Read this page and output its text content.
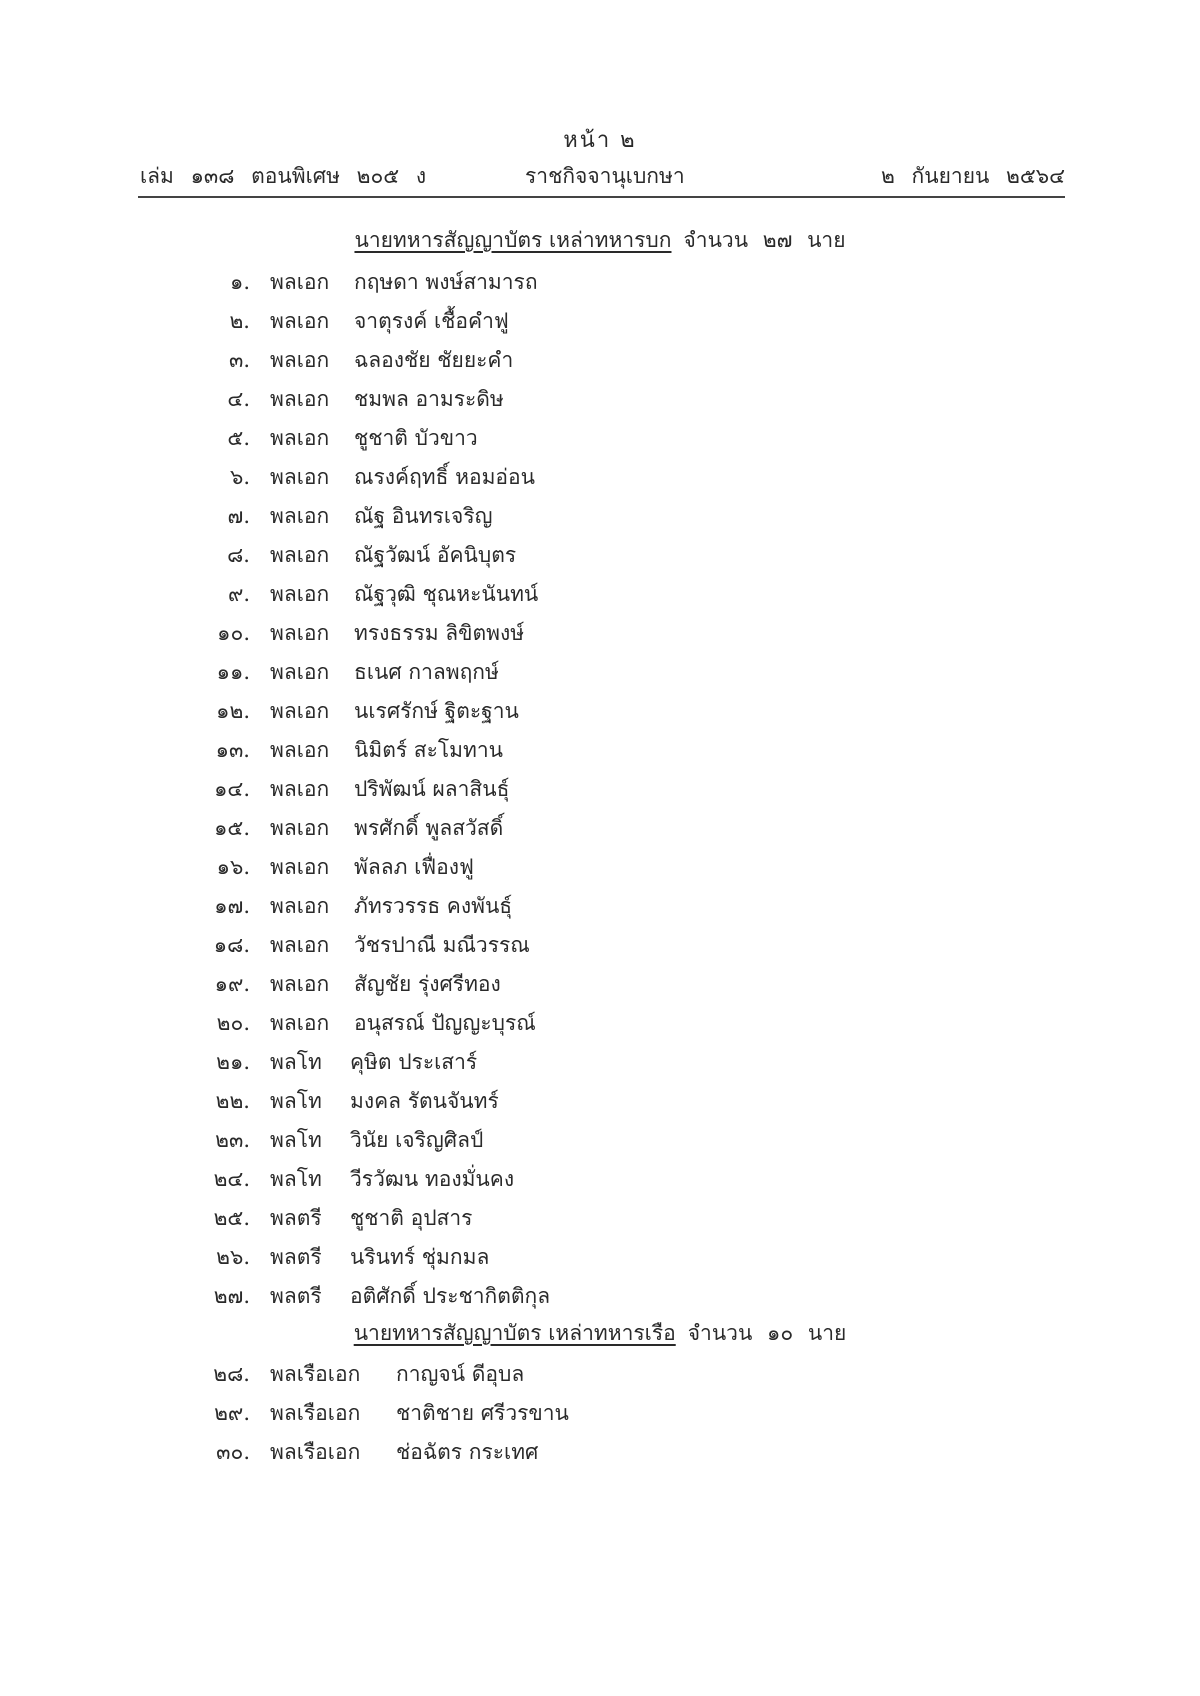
หน้า ๒
เล่ม ๑๓๘ ตอนพิเศษ ๒๐๕ ง	ราชกิจจานุเบกษา	๒ กันยายน ๒๕๖๔
นายทหารสัญญาบัตร เหล่าทหารบก จำนวน ๒๗ นาย
๑. พลเอก กฤษดา พงษ์สามารถ
๒. พลเอก จาตุรงค์ เชื้อคำฟู
๓. พลเอก ฉลองชัย ชัยยะคำ
๔. พลเอก ชมพล อามระดิษ
๕. พลเอก ชูชาติ บัวขาว
๖. พลเอก ณรงค์ฤทธิ์ หอมอ่อน
๗. พลเอก ณัฐ อินทรเจริญ
๘. พลเอก ณัฐวัฒน์ อัคนิบุตร
๙. พลเอก ณัฐวุฒิ ชุณหะนันทน์
๑๐. พลเอก ทรงธรรม ลิขิตพงษ์
๑๑. พลเอก ธเนศ กาลพฤกษ์
๑๒. พลเอก นเรศรักษ์ ฐิตะฐาน
๑๓. พลเอก นิมิตร์ สะโมทาน
๑๔. พลเอก ปริพัฒน์ ผลาสินธุ์
๑๕. พลเอก พรศักดิ์ พูลสวัสดิ์
๑๖. พลเอก พัลลภ เฟื่องฟู
๑๗. พลเอก ภัทรวรรธ คงพันธุ์
๑๘. พลเอก วัชรปาณี มณีวรรณ
๑๙. พลเอก สัญชัย รุ่งศรีทอง
๒๐. พลเอก อนุสรณ์ ปัญญะบุรณ์
๒๑. พลโท คุษิต ประเสาร์
๒๒. พลโท มงคล รัตนจันทร์
๒๓. พลโท วินัย เจริญศิลป์
๒๔. พลโท วีรวัฒน ทองมั่นคง
๒๕. พลตรี ชูชาติ อุปสาร
๒๖. พลตรี นรินทร์ ชุ่มกมล
๒๗. พลตรี อติศักดิ์ ประชากิตติกุล
นายทหารสัญญาบัตร เหล่าทหารเรือ จำนวน ๑๐ นาย
๒๘. พลเรือเอก กาญจน์ ดีอุบล
๒๙. พลเรือเอก ชาติชาย ศรีวรขาน
๓๐. พลเรือเอก ช่อฉัตร กระเทศ
